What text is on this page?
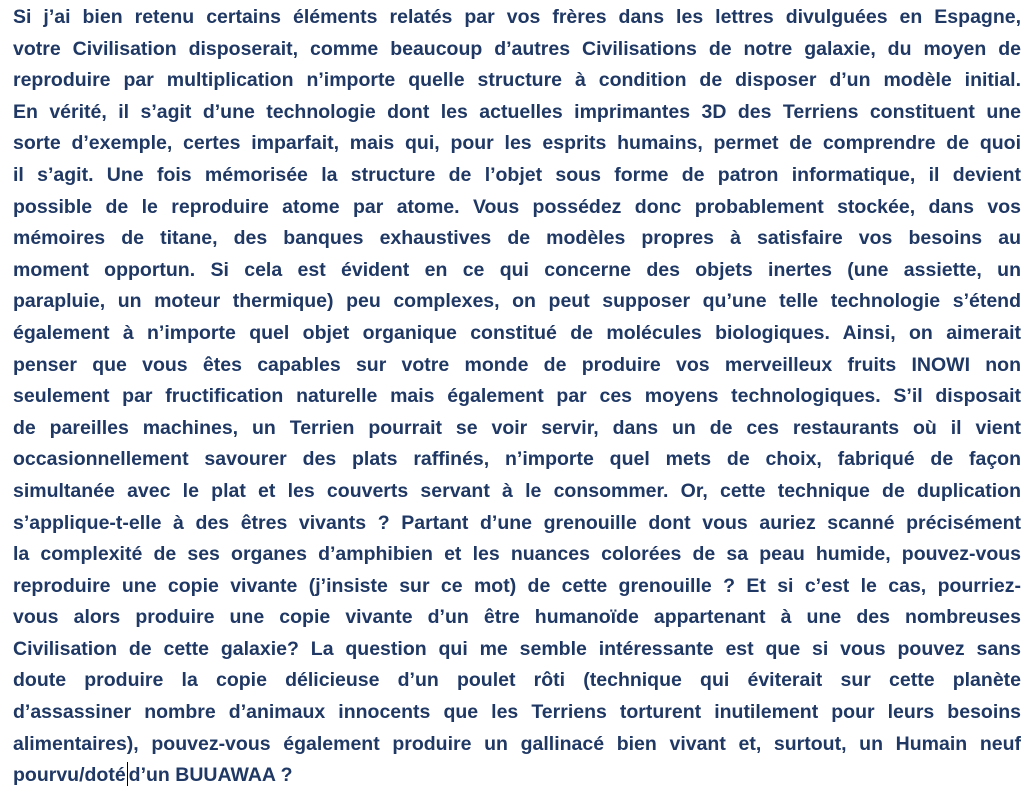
Si j’ai bien retenu certains éléments relatés par vos frères dans les lettres divulguées en Espagne,
votre Civilisation disposerait, comme beaucoup d’autres Civilisations de notre galaxie, du moyen de
reproduire par multiplication n’importe quelle structure à condition de disposer d’un modèle initial.
En vérité, il s’agit d’une technologie dont les actuelles imprimantes 3D des Terriens constituent une
sorte d’exemple, certes imparfait, mais qui, pour les esprits humains, permet de comprendre de quoi
il s’agit. Une fois mémorisée la structure de l’objet sous forme de patron informatique, il devient
possible de le reproduire atome par atome. Vous possédez donc probablement stockée, dans vos
mémoires de titane, des banques exhaustives de modèles propres à satisfaire vos besoins au
moment opportun. Si cela est évident en ce qui concerne des objets inertes (une assiette, un
parapluie, un moteur thermique) peu complexes, on peut supposer qu’une telle technologie s’étend
également à n’importe quel objet organique constitué de molécules biologiques. Ainsi, on aimerait
penser que vous êtes capables sur votre monde de produire vos merveilleux fruits INOWI non
seulement par fructification naturelle mais également par ces moyens technologiques. S’il disposait
de pareilles machines, un Terrien pourrait se voir servir, dans un de ces restaurants où il vient
occasionnellement savourer des plats raffinés, n’importe quel mets de choix, fabriqué de façon
simultanée avec le plat et les couverts servant à le consommer. Or, cette technique de duplication
s’applique-t-elle à des êtres vivants ? Partant d’une grenouille dont vous auriez scanné précisément
la complexité de ses organes d’amphibien et les nuances colorées de sa peau humide, pouvez-vous
reproduire une copie vivante (j’insiste sur ce mot) de cette grenouille ? Et si c’est le cas, pourriez-
vous alors produire une copie vivante d’un être humanoïde appartenant à une des nombreuses
Civilisation de cette galaxie? La question qui me semble intéressante est que si vous pouvez sans
doute produire la copie délicieuse d’un poulet rôti (technique qui éviterait sur cette planète
d’assassiner nombre d’animaux innocents que les Terriens torturent inutilement pour leurs besoins
alimentaires), pouvez-vous également produire un gallinacé bien vivant et, surtout, un Humain neuf
pourvu/doté d’un BUUAWAA ?
